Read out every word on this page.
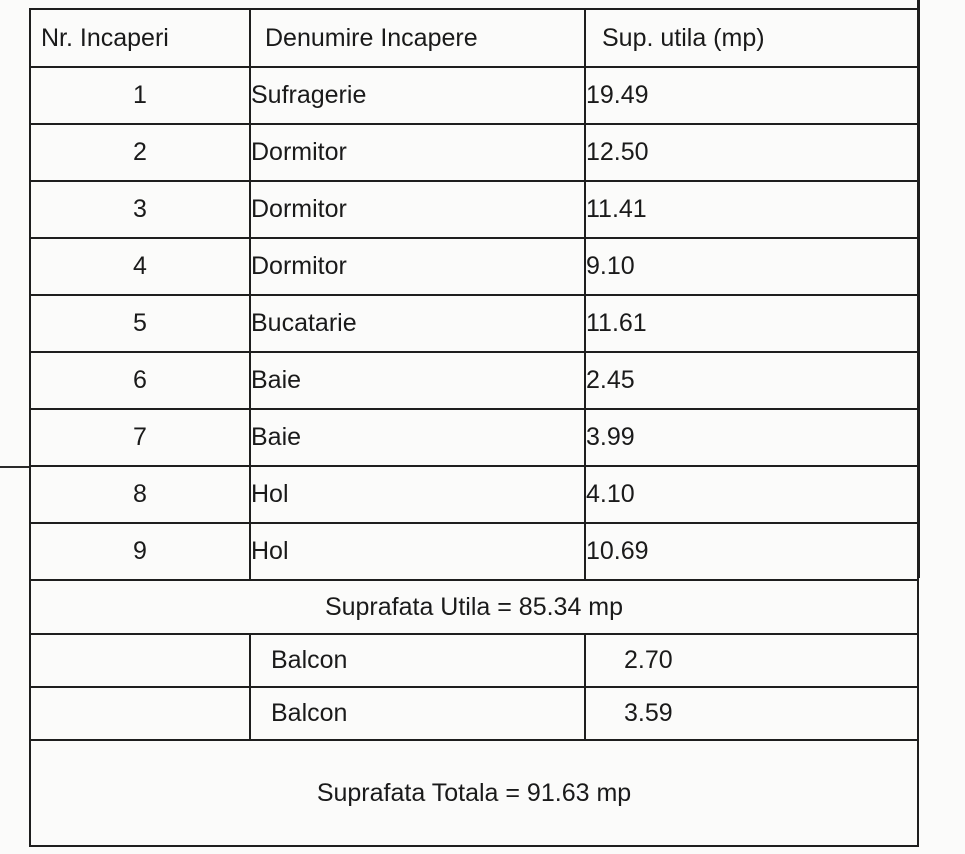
Nr. Incaperi	Denumire Incapere	Sup. utila (mp)
1	Sufragerie	19.49
2	Dormitor	12.50
3	Dormitor	11.41
4	Dormitor	9.10
5	Bucatarie	11.61
6	Baie	2.45
7	Baie	3.99
8	Hol	4.10
9	Hol	10.69
Suprafata Utila = 85.34 mp		
	Balcon	2.70
	Balcon	3.59
Suprafata Totala = 91.63 mp		
